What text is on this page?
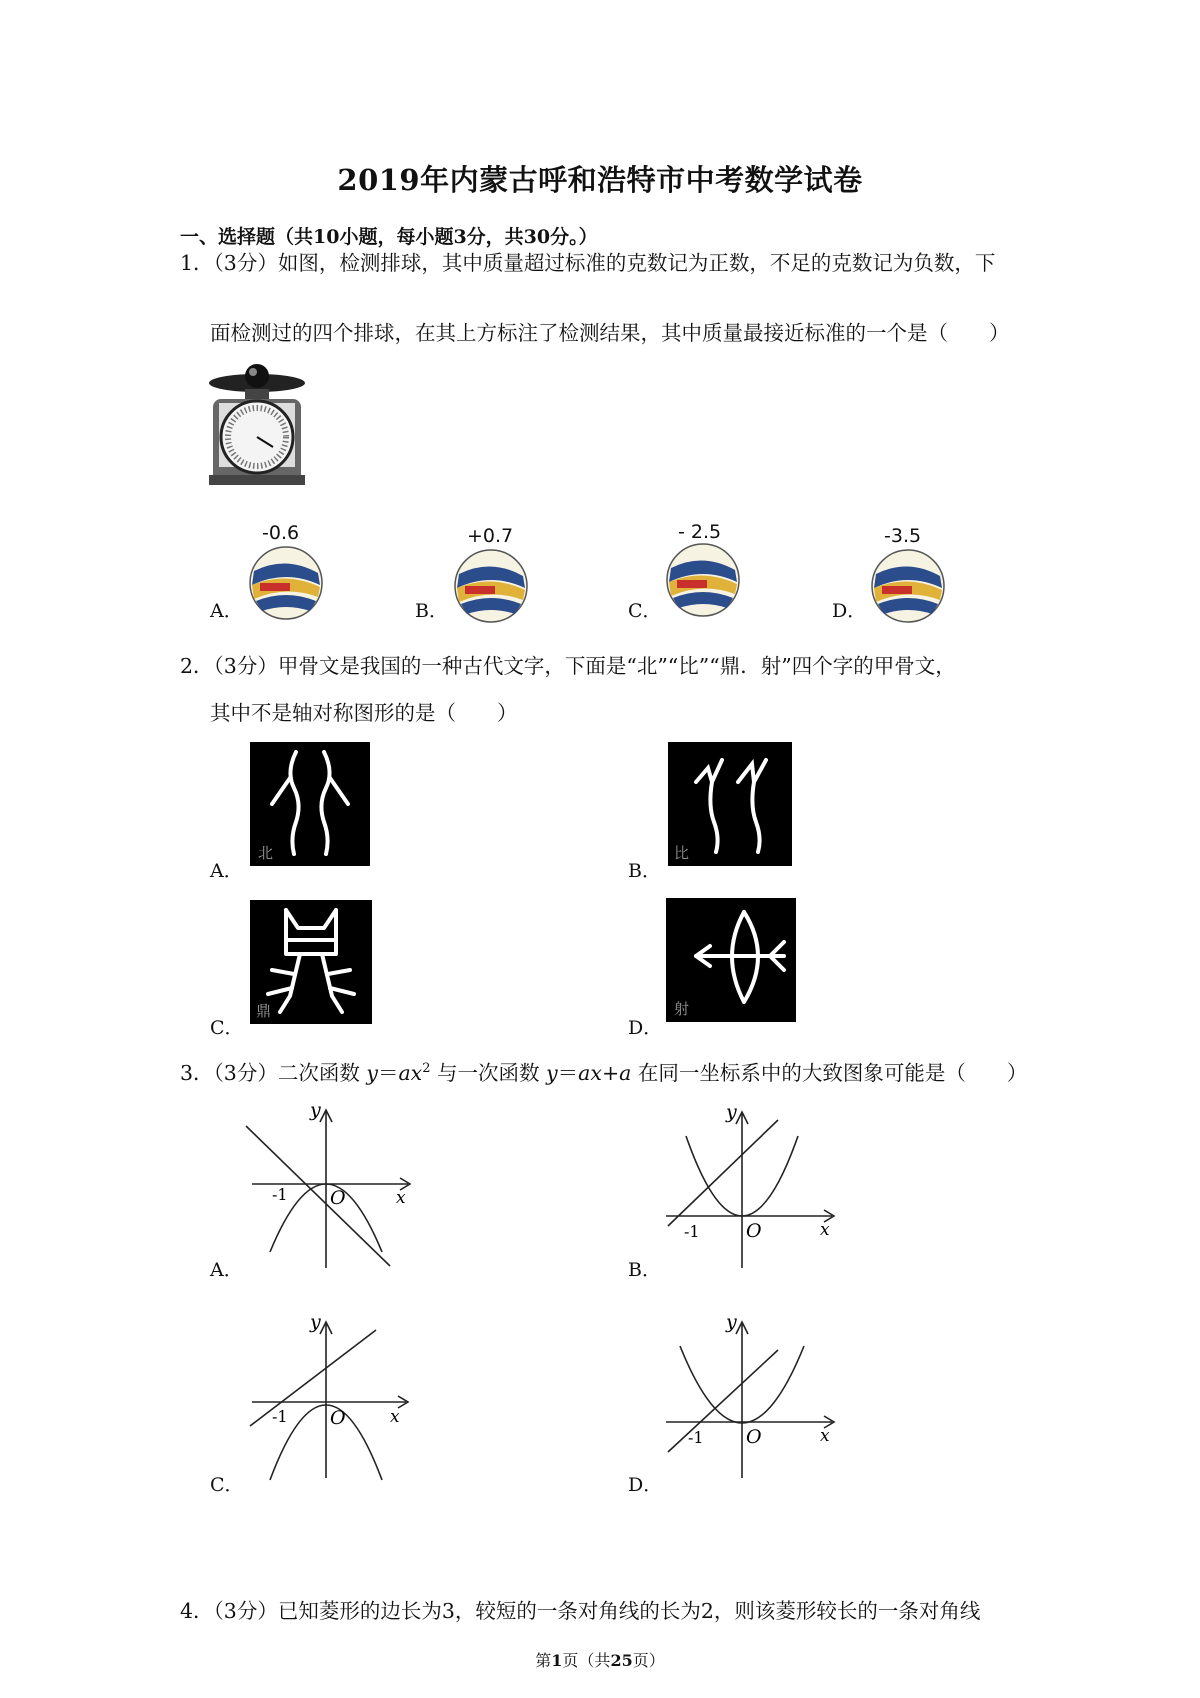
2019年内蒙古呼和浩特市中考数学试卷
一、选择题（共10小题，每小题3分，共30分。）
1．（3分）如图，检测排球，其中质量超过标准的克数记为正数，不足的克数记为负数，下
面检测过的四个排球，在其上方标注了检测结果，其中质量最接近标准的一个是（　　）
A．
-0.6
B．
+0.7
C．
- 2.5
D．
-3.5
2．（3分）甲骨文是我国的一种古代文字，下面是“北”“比”“鼎．射”四个字的甲骨文，
其中不是轴对称图形的是（　　）
A．
北
B．
比
C．
鼎
D．
射
3．（3分）二次函数 $y=ax^2$ 与一次函数 y＝ax+a 在同一坐标系中的大致图象可能是（　　）
A．
y
x
O
-1
B．
y
x
O
-1
C．
y
x
O
-1
D．
y
x
O
-1
4．（3分）已知菱形的边长为3，较短的一条对角线的长为2，则该菱形较长的一条对角线
第1页（共25页）
